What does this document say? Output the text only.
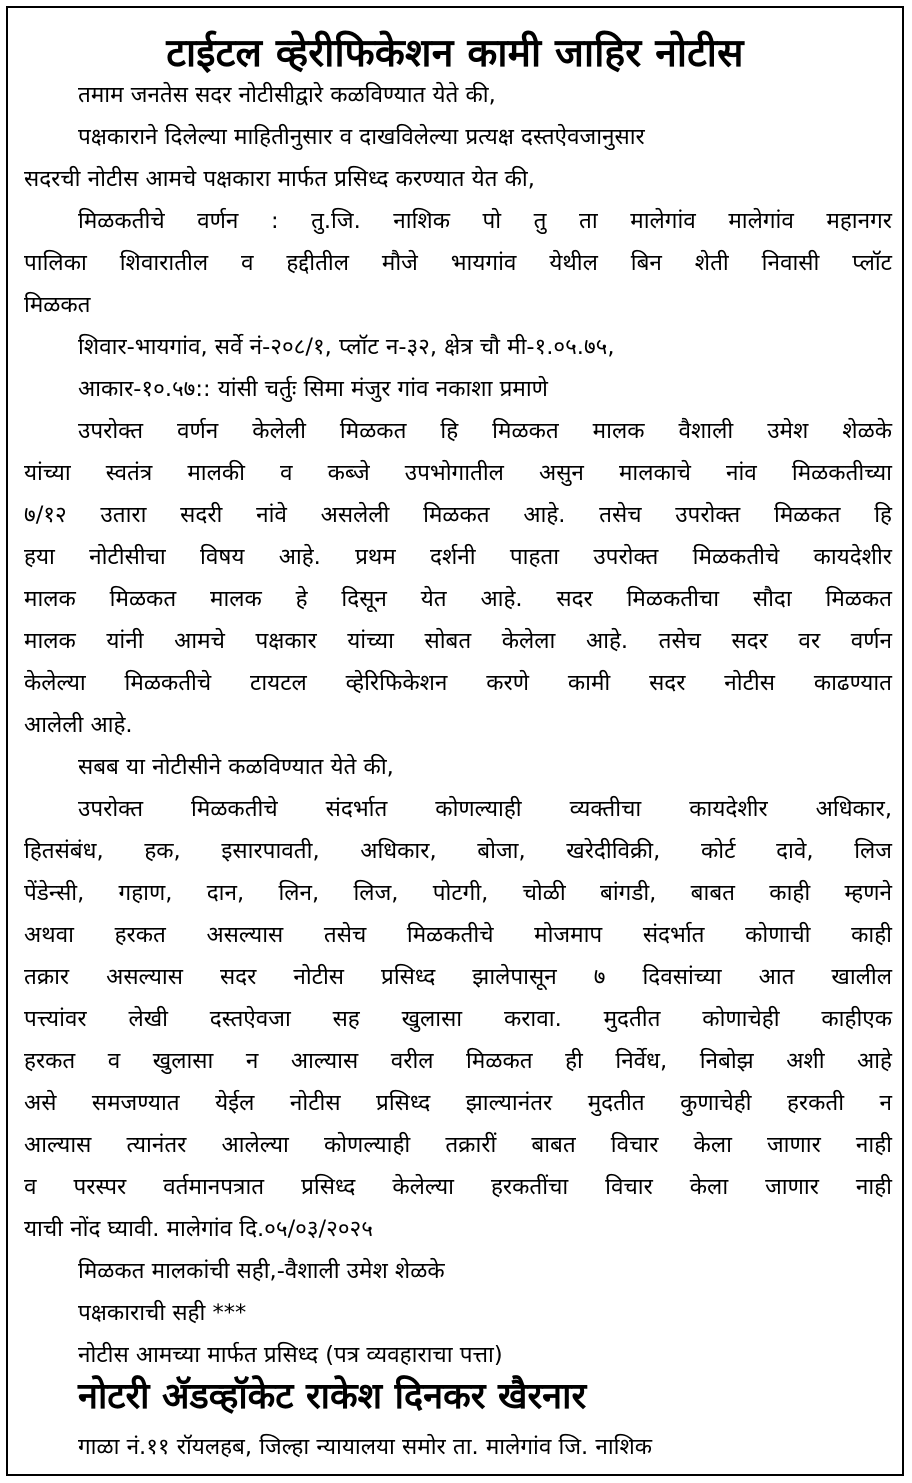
टाईटल व्हेरीफिकेशन कामी जाहिर नोटीस
तमाम जनतेस सदर नोटीसीद्वारे कळविण्यात येते की,
पक्षकाराने दिलेल्या माहितीनुसार व दाखविलेल्या प्रत्यक्ष दस्तऐवजानुसार
सदरची नोटीस आमचे पक्षकारा मार्फत प्रसिध्द करण्यात येत की,
मिळकतीचे वर्णन : तु.जि. नाशिक पो तु ता मालेगांव मालेगांव महानगर
पालिका शिवारातील व हद्दीतील मौजे भायगांव येथील बिन शेती निवासी प्लॉट
मिळकत
शिवार-भायगांव, सर्वे नं-२०८/१, प्लॉट न-३२, क्षेत्र चौ मी-१.०५.७५,
आकार-१०.५७:: यांसी चर्तुः सिमा मंजुर गांव नकाशा प्रमाणे
उपरोक्त वर्णन केलेली मिळकत हि मिळकत मालक वैशाली उमेश शेळके
यांच्या स्वतंत्र मालकी व कब्जे उपभोगातील असुन मालकाचे नांव मिळकतीच्या
७/१२ उतारा सदरी नांवे असलेली मिळकत आहे. तसेच उपरोक्त मिळकत हि
हया नोटीसीचा विषय आहे. प्रथम दर्शनी पाहता उपरोक्त मिळकतीचे कायदेशीर
मालक मिळकत मालक हे दिसून येत आहे. सदर मिळकतीचा सौदा मिळकत
मालक यांनी आमचे पक्षकार यांच्या सोबत केलेला आहे. तसेच सदर वर वर्णन
केलेल्या मिळकतीचे टायटल व्हेरिफिकेशन करणे कामी सदर नोटीस काढण्यात
आलेली आहे.
सबब या नोटीसीने कळविण्यात येते की,
उपरोक्त मिळकतीचे संदर्भात कोणल्याही व्यक्तीचा कायदेशीर अधिकार,
हितसंबंध, हक, इसारपावती, अधिकार, बोजा, खरेदीविक्री, कोर्ट दावे, लिज
पेंडेन्सी, गहाण, दान, लिन, लिज, पोटगी, चोळी बांगडी, बाबत काही म्हणने
अथवा हरकत असल्यास तसेच मिळकतीचे मोजमाप संदर्भात कोणाची काही
तक्रार असल्यास सदर नोटीस प्रसिध्द झालेपासून ७ दिवसांच्या आत खालील
पत्त्यांवर लेखी दस्तऐवजा सह खुलासा करावा. मुदतीत कोणाचेही काहीएक
हरकत व खुलासा न आल्यास वरील मिळकत ही निर्वेध, निबोझ अशी आहे
असे समजण्यात येईल नोटीस प्रसिध्द झाल्यानंतर मुदतीत कुणाचेही हरकती न
आल्यास त्यानंतर आलेल्या कोणल्याही तक्रारीं बाबत विचार केला जाणार नाही
व परस्पर वर्तमानपत्रात प्रसिध्द केलेल्या हरकतींचा विचार केला जाणार नाही
याची नोंद घ्यावी. मालेगांव दि.०५/०३/२०२५
मिळकत मालकांची सही,-वैशाली उमेश शेळके
पक्षकाराची सही ***
नोटीस आमच्या मार्फत प्रसिध्द (पत्र व्यवहाराचा पत्ता)
नोटरी ॲडव्हॉकेट राकेश दिनकर खैरनार
गाळा नं.११ रॉयलहब, जिल्हा न्यायालया समोर ता. मालेगांव जि. नाशिक
